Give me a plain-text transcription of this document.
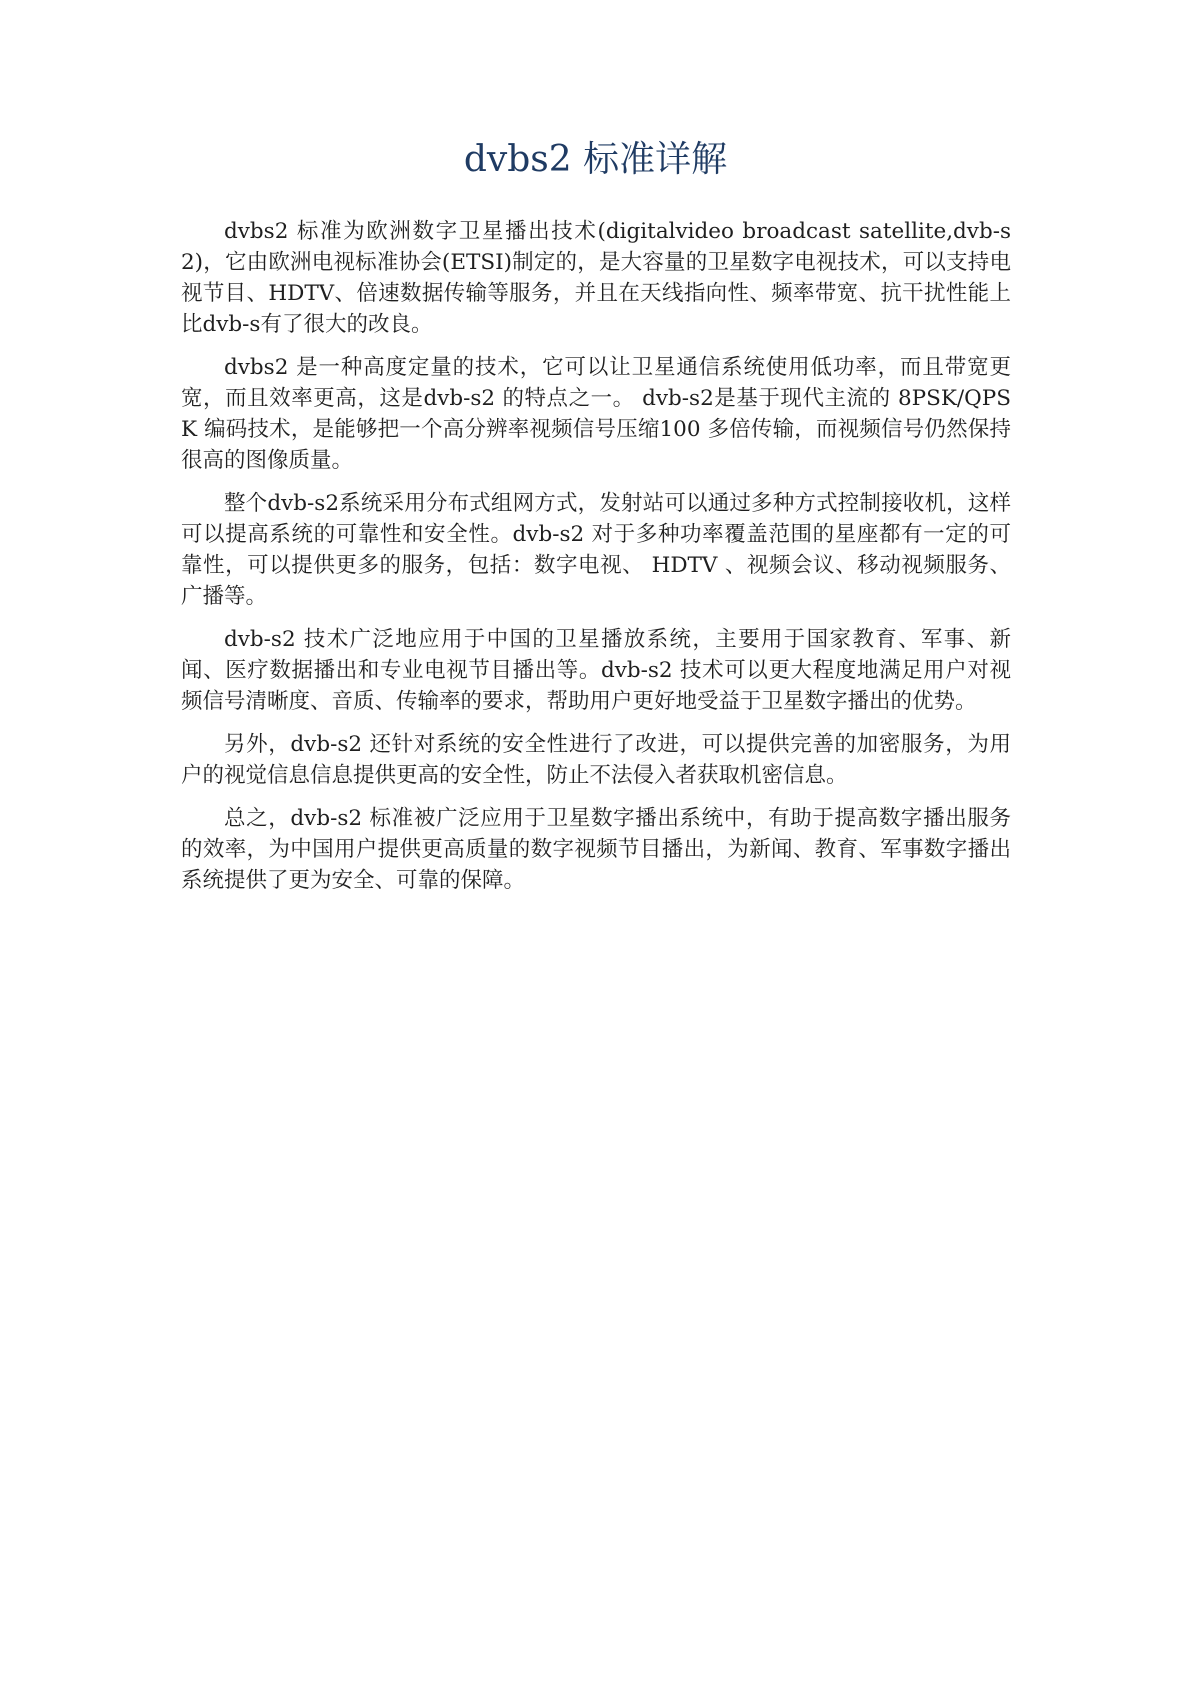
dvbs2 标准详解

dvbs2 标准为欧洲数字卫星播出技术(digitalvideo broadcast satellite,dvb-s2)，它由欧洲电视标准协会(ETSI)制定的，是大容量的卫星数字电视技术，可以支持电视节目、HDTV、倍速数据传输等服务，并且在天线指向性、频率带宽、抗干扰性能上比dvb-s有了很大的改良。

dvbs2 是一种高度定量的技术，它可以让卫星通信系统使用低功率，而且带宽更宽，而且效率更高，这是dvb-s2 的特点之一。 dvb-s2是基于现代主流的 8PSK/QPSK 编码技术，是能够把一个高分辨率视频信号压缩100 多倍传输，而视频信号仍然保持很高的图像质量。

整个dvb-s2系统采用分布式组网方式，发射站可以通过多种方式控制接收机，这样可以提高系统的可靠性和安全性。dvb-s2 对于多种功率覆盖范围的星座都有一定的可靠性，可以提供更多的服务，包括：数字电视、 HDTV 、视频会议、移动视频服务、广播等。

dvb-s2 技术广泛地应用于中国的卫星播放系统，主要用于国家教育、军事、新闻、医疗数据播出和专业电视节目播出等。dvb-s2 技术可以更大程度地满足用户对视频信号清晰度、音质、传输率的要求，帮助用户更好地受益于卫星数字播出的优势。

另外，dvb-s2 还针对系统的安全性进行了改进，可以提供完善的加密服务，为用户的视觉信息信息提供更高的安全性，防止不法侵入者获取机密信息。

总之，dvb-s2 标准被广泛应用于卫星数字播出系统中，有助于提高数字播出服务的效率，为中国用户提供更高质量的数字视频节目播出，为新闻、教育、军事数字播出系统提供了更为安全、可靠的保障。
